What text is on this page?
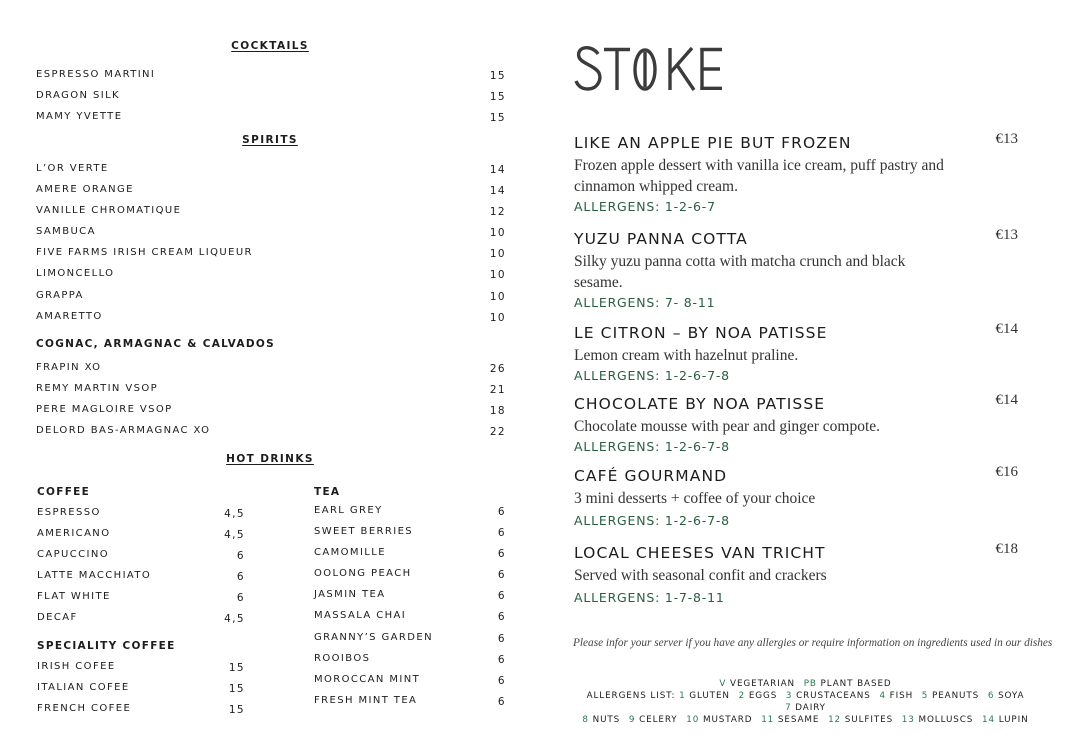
COCKTAILS
ESPRESSO MARTINI	15
DRAGON SILK	15
MAMY YVETTE	15
SPIRITS
L’OR VERTE	14
AMERE ORANGE	14
VANILLE CHROMATIQUE	12
SAMBUCA	10
FIVE FARMS IRISH CREAM LIQUEUR	10
LIMONCELLO	10
GRAPPA	10
AMARETTO	10
COGNAC, ARMAGNAC & CALVADOS
FRAPIN XO	26
REMY MARTIN VSOP	21
PERE MAGLOIRE VSOP	18
DELORD BAS-ARMAGNAC XO	22
HOT DRINKS
COFFEE
ESPRESSO	4,5
AMERICANO	4,5
CAPUCCINO	6
LATTE MACCHIATO	6
FLAT WHITE	6
DECAF	4,5
SPECIALITY COFFEE
IRISH COFEE	15
ITALIAN COFEE	15
FRENCH COFEE	15
TEA
EARL GREY	6
SWEET BERRIES	6
CAMOMILLE	6
OOLONG PEACH	6
JASMIN TEA	6
MASSALA CHAI	6
GRANNY’S GARDEN	6
ROOIBOS	6
MOROCCAN MINT	6
FRESH MINT TEA	6
LIKE AN APPLE PIE BUT FROZEN	€13
Frozen apple dessert with vanilla ice cream, puff pastry and cinnamon whipped cream.
ALLERGENS: 1-2-6-7
YUZU PANNA COTTA	€13
Silky yuzu panna cotta with matcha crunch and black sesame.
ALLERGENS: 7- 8-11
LE CITRON – BY NOA PATISSE	€14
Lemon cream with hazelnut praline.
ALLERGENS: 1-2-6-7-8
CHOCOLATE BY NOA PATISSE	€14
Chocolate mousse with pear and ginger compote.
ALLERGENS: 1-2-6-7-8
CAFÉ GOURMAND	€16
3 mini desserts + coffee of your choice
ALLERGENS: 1-2-6-7-8
LOCAL CHEESES VAN TRICHT	€18
Served with seasonal confit and crackers
ALLERGENS: 1-7-8-11
Please infor your server if you have any allergies or require information on ingredients used in our dishes
V VEGETARIAN PB PLANT BASED
ALLERGENS LIST: 1 GLUTEN 2 EGGS 3 CRUSTACEANS 4 FISH 5 PEANUTS 6 SOYA 7 DAIRY
8 NUTS 9 CELERY 10 MUSTARD 11 SESAME 12 SULFITES 13 MOLLUSCS 14 LUPIN
